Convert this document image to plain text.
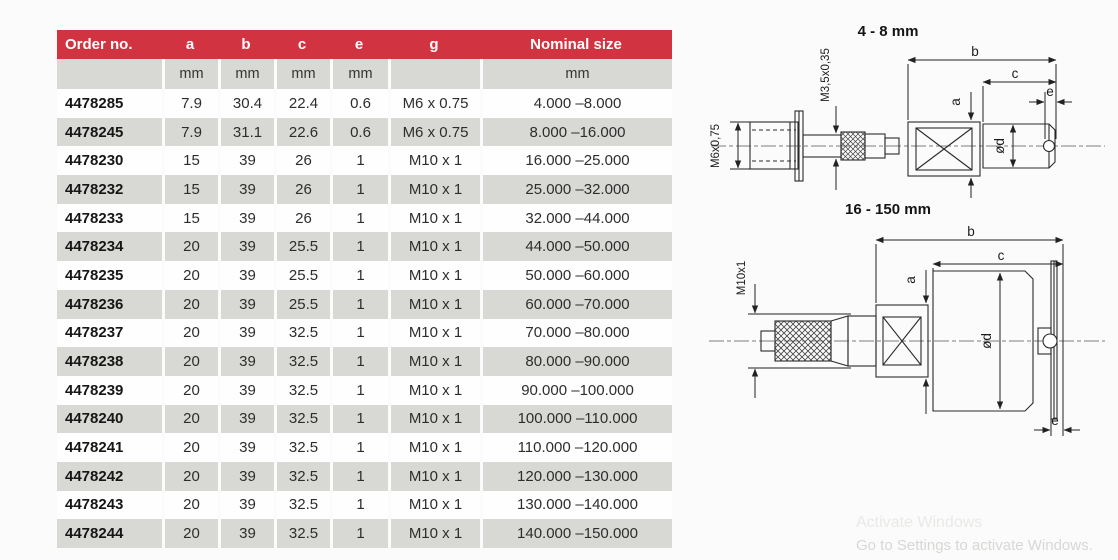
Order no.	a	b	c	e	g	Nominal size
	mm	mm	mm	mm		mm
4478285	7.9	30.4	22.4	0.6	M6 x 0.75	4.000 –8.000
4478245	7.9	31.1	22.6	0.6	M6 x 0.75	8.000 –16.000
4478230	15	39	26	1	M10 x 1	16.000 –25.000
4478232	15	39	26	1	M10 x 1	25.000 –32.000
4478233	15	39	26	1	M10 x 1	32.000 –44.000
4478234	20	39	25.5	1	M10 x 1	44.000 –50.000
4478235	20	39	25.5	1	M10 x 1	50.000 –60.000
4478236	20	39	25.5	1	M10 x 1	60.000 –70.000
4478237	20	39	32.5	1	M10 x 1	70.000 –80.000
4478238	20	39	32.5	1	M10 x 1	80.000 –90.000
4478239	20	39	32.5	1	M10 x 1	90.000 –100.000
4478240	20	39	32.5	1	M10 x 1	100.000 –110.000
4478241	20	39	32.5	1	M10 x 1	110.000 –120.000
4478242	20	39	32.5	1	M10 x 1	120.000 –130.000
4478243	20	39	32.5	1	M10 x 1	130.000 –140.000
4478244	20	39	32.5	1	M10 x 1	140.000 –150.000
4 - 8 mm
b
c
e
a
ød
M6x0,75
M3,5x0,35
16 - 150 mm
b
c
a
ød
e
M10x1
Activate Windows
Go to Settings to activate Windows.
